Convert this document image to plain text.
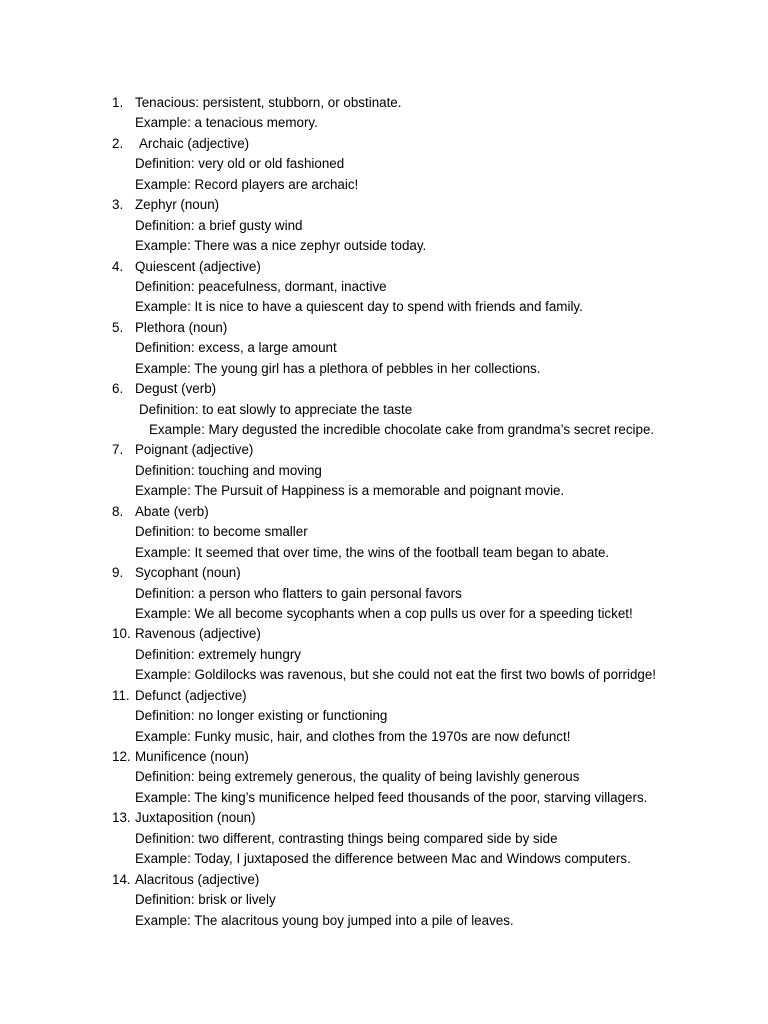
1. Tenacious: persistent, stubborn, or obstinate.
Example: a tenacious memory.
2. Archaic (adjective)
Definition: very old or old fashioned
Example: Record players are archaic!
3. Zephyr (noun)
Definition: a brief gusty wind
Example: There was a nice zephyr outside today.
4. Quiescent (adjective)
Definition: peacefulness, dormant, inactive
Example: It is nice to have a quiescent day to spend with friends and family.
5. Plethora (noun)
Definition: excess, a large amount
Example: The young girl has a plethora of pebbles in her collections.
6. Degust (verb)
Definition: to eat slowly to appreciate the taste
Example: Mary degusted the incredible chocolate cake from grandma’s secret recipe.
7. Poignant (adjective)
Definition: touching and moving
Example: The Pursuit of Happiness is a memorable and poignant movie.
8. Abate (verb)
Definition: to become smaller
Example: It seemed that over time, the wins of the football team began to abate.
9. Sycophant (noun)
Definition: a person who flatters to gain personal favors
Example: We all become sycophants when a cop pulls us over for a speeding ticket!
10. Ravenous (adjective)
Definition: extremely hungry
Example: Goldilocks was ravenous, but she could not eat the first two bowls of porridge!
11. Defunct (adjective)
Definition: no longer existing or functioning
Example: Funky music, hair, and clothes from the 1970s are now defunct!
12. Munificence (noun)
Definition: being extremely generous, the quality of being lavishly generous
Example: The king’s munificence helped feed thousands of the poor, starving villagers.
13. Juxtaposition (noun)
Definition: two different, contrasting things being compared side by side
Example: Today, I juxtaposed the difference between Mac and Windows computers.
14. Alacritous (adjective)
Definition: brisk or lively
Example: The alacritous young boy jumped into a pile of leaves.
